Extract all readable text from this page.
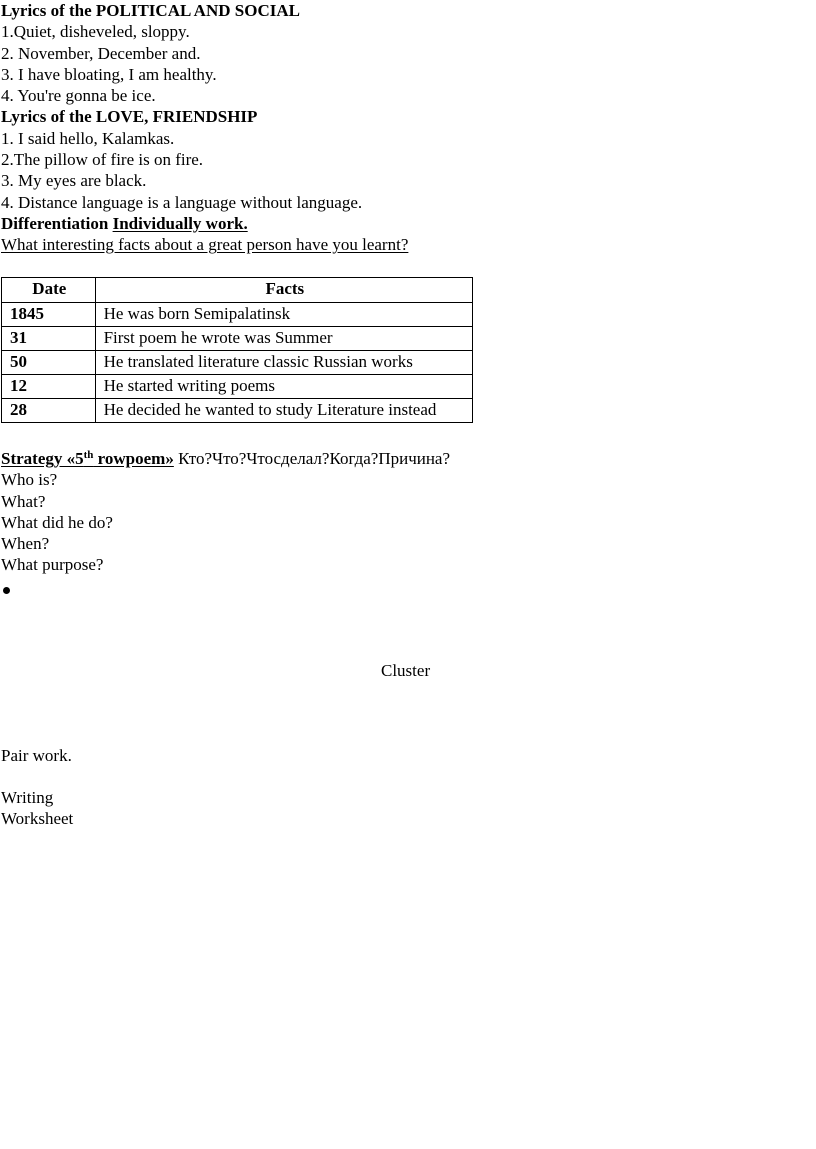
Lyrics of the POLITICAL AND SOCIAL
1.Quiet, disheveled, sloppy.
2. November, December and.
3. I have bloating, I am healthy.
4. You're gonna be ice.
Lyrics of the LOVE, FRIENDSHIP
1. I said hello, Kalamkas.
2.The pillow of fire is on fire.
3. My eyes are black.
4. Distance language is a language without language.
Differentiation Individually work.
What interesting facts about a great person have you learnt?
Date	Facts
1845	He was born Semipalatinsk
31	First poem he wrote was Summer
50	He translated literature classic Russian works
12	He started writing poems
28	He decided he wanted to study Literature instead
Strategy «5th rowpoem» Кто?Что?Чтосделал?Когда?Причина?
Who is?
What?
What did he do?
When?
What purpose?
Cluster
Pair work.
Writing
Worksheet
